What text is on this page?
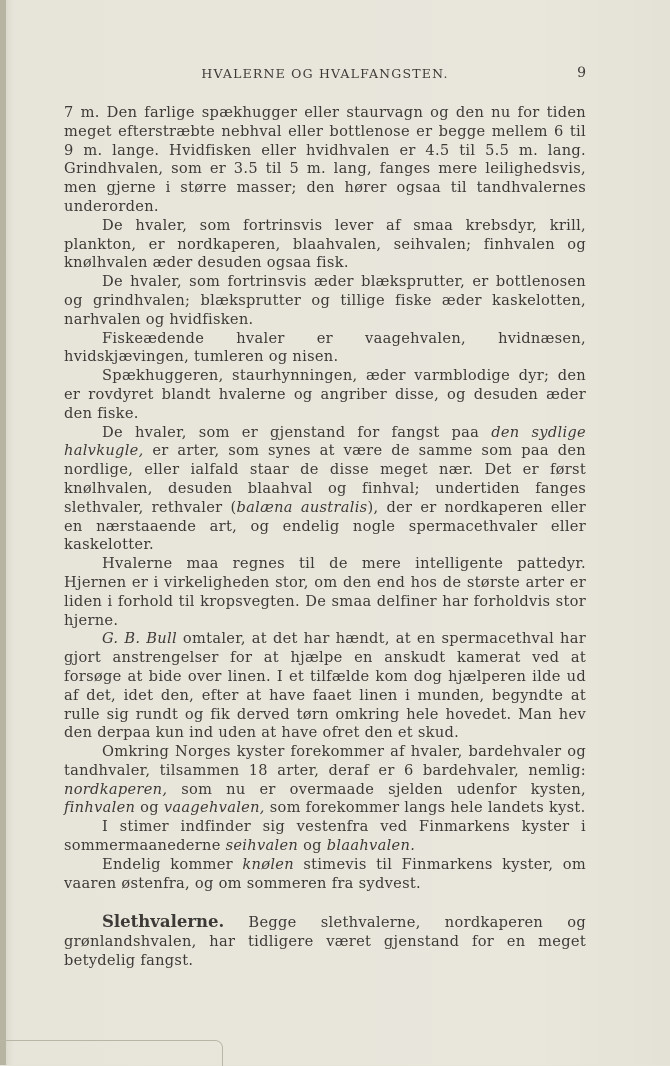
HVALERNE OG HVALFANGSTEN.	9

7 m. Den farlige spækhugger eller staurvagn og den nu for tiden meget efterstræbte nebhval eller bottlenose er begge mellem 6 til 9 m. lange. Hvidfisken eller hvidhvalen er 4.5 til 5.5 m. lang. Grindhvalen, som er 3.5 til 5 m. lang, fanges mere leilighedsvis, men gjerne i større masser; den hører ogsaa til tandhvalernes underorden.

De hvaler, som fortrinsvis lever af smaa krebsdyr, krill, plankton, er nordkaperen, blaahvalen, seihvalen; finhvalen og knølhvalen æder desuden ogsaa fisk.

De hvaler, som fortrinsvis æder blæksprutter, er bottlenosen og grindhvalen; blæksprutter og tillige fiske æder kaskelotten, narhvalen og hvidfisken.

Fiskeædende hvaler er vaagehvalen, hvidnæsen, hvidskjævingen, tumleren og nisen.

Spækhuggeren, staurhynningen, æder varmblodige dyr; den er rovdyret blandt hvalerne og angriber disse, og desuden æder den fiske.

De hvaler, som er gjenstand for fangst paa den sydlige halvkugle, er arter, som synes at være de samme som paa den nordlige, eller ialfald staar de disse meget nær. Det er først knølhvalen, desuden blaahval og finhval; undertiden fanges slethvaler, rethvaler (balæna australis), der er nordkaperen eller en nærstaaende art, og endelig nogle spermacethvaler eller kaskelotter.

Hvalerne maa regnes til de mere intelligente pattedyr. Hjernen er i virkeligheden stor, om den end hos de største arter er liden i forhold til kropsvegten. De smaa delfiner har forholdvis stor hjerne.

G. B. Bull omtaler, at det har hændt, at en spermacethval har gjort anstrengelser for at hjælpe en anskudt kamerat ved at forsøge at bide over linen. I et tilfælde kom dog hjælperen ilde ud af det, idet den, efter at have faaet linen i munden, begyndte at rulle sig rundt og fik derved tørn omkring hele hovedet. Man hev den derpaa kun ind uden at have ofret den et skud.

Omkring Norges kyster forekommer af hvaler, bardehvaler og tandhvaler, tilsammen 18 arter, deraf er 6 bardehvaler, nemlig: nordkaperen, som nu er overmaade sjelden udenfor kysten, finhvalen og vaagehvalen, som forekommer langs hele landets kyst.

I stimer indfinder sig vestenfra ved Finmarkens kyster i sommermaanederne seihvalen og blaahvalen.

Endelig kommer knølen stimevis til Finmarkens kyster, om vaaren østenfra, og om sommeren fra sydvest.

Slethvalerne. Begge slethvalerne, nordkaperen og grønlandshvalen, har tidligere været gjenstand for en meget betydelig fangst.
